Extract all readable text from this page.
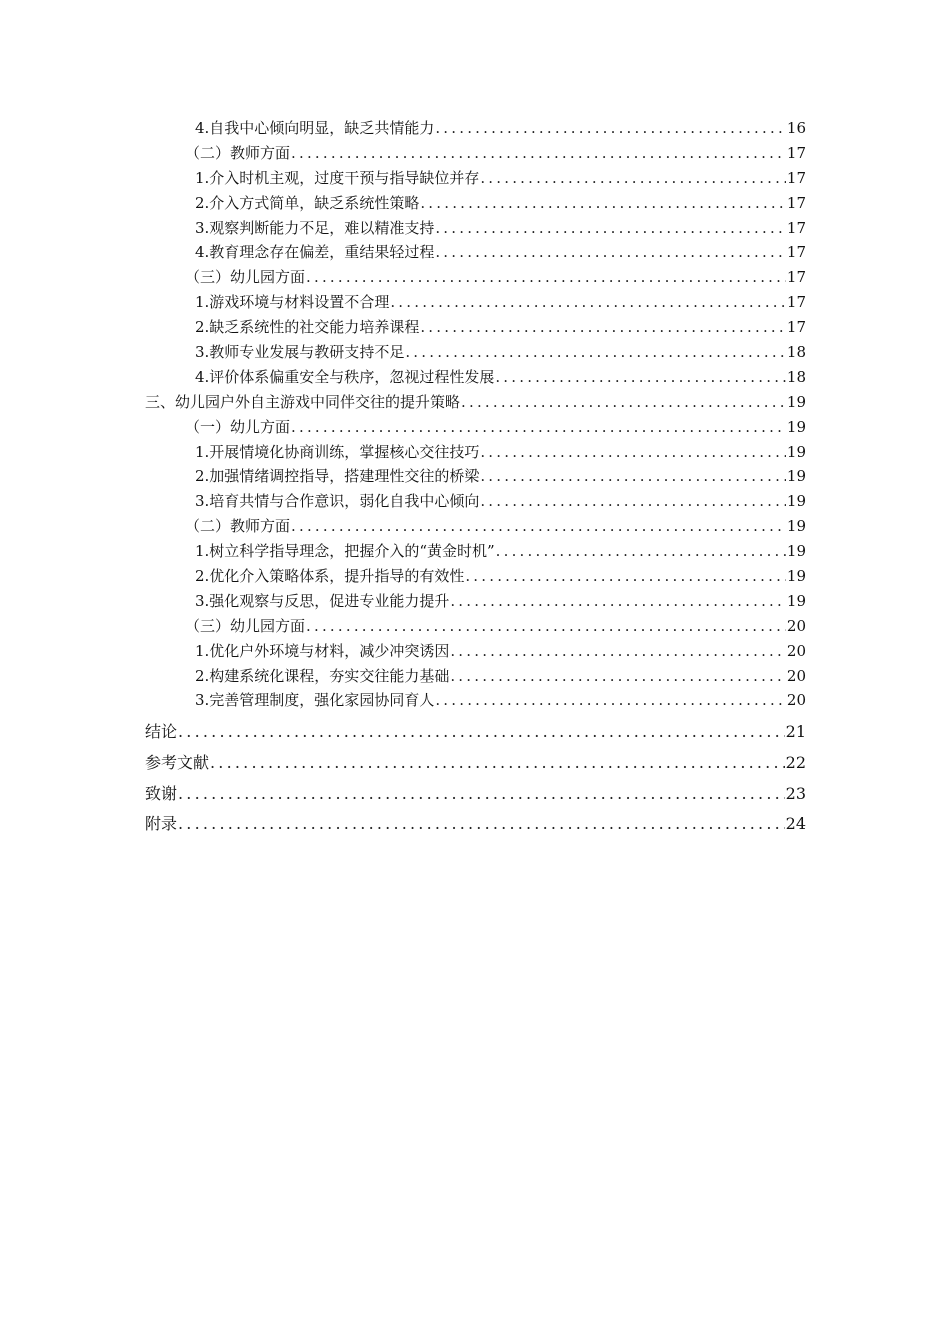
4.自我中心倾向明显，缺乏共情能力 .....	16
（二）教师方面 .....	17
1.介入时机主观，过度干预与指导缺位并存 .....	17
2.介入方式简单，缺乏系统性策略 .....	17
3.观察判断能力不足，难以精准支持 .....	17
4.教育理念存在偏差，重结果轻过程 .....	17
（三）幼儿园方面 .....	17
1.游戏环境与材料设置不合理 .....	17
2.缺乏系统性的社交能力培养课程 .....	17
3.教师专业发展与教研支持不足 .....	18
4.评价体系偏重安全与秩序，忽视过程性发展 .....	18
三、幼儿园户外自主游戏中同伴交往的提升策略 .....	19
（一）幼儿方面 .....	19
1.开展情境化协商训练，掌握核心交往技巧 .....	19
2.加强情绪调控指导，搭建理性交往的桥梁 .....	19
3.培育共情与合作意识，弱化自我中心倾向 .....	19
（二）教师方面 .....	19
1.树立科学指导理念，把握介入的“黄金时机” .....	19
2.优化介入策略体系，提升指导的有效性 .....	19
3.强化观察与反思，促进专业能力提升 .....	19
（三）幼儿园方面 .....	20
1.优化户外环境与材料，减少冲突诱因 .....	20
2.构建系统化课程，夯实交往能力基础 .....	20
3.完善管理制度，强化家园协同育人 .....	20
结论 .....	21
参考文献 .....	22
致谢 .....	23
附录 .....	24
